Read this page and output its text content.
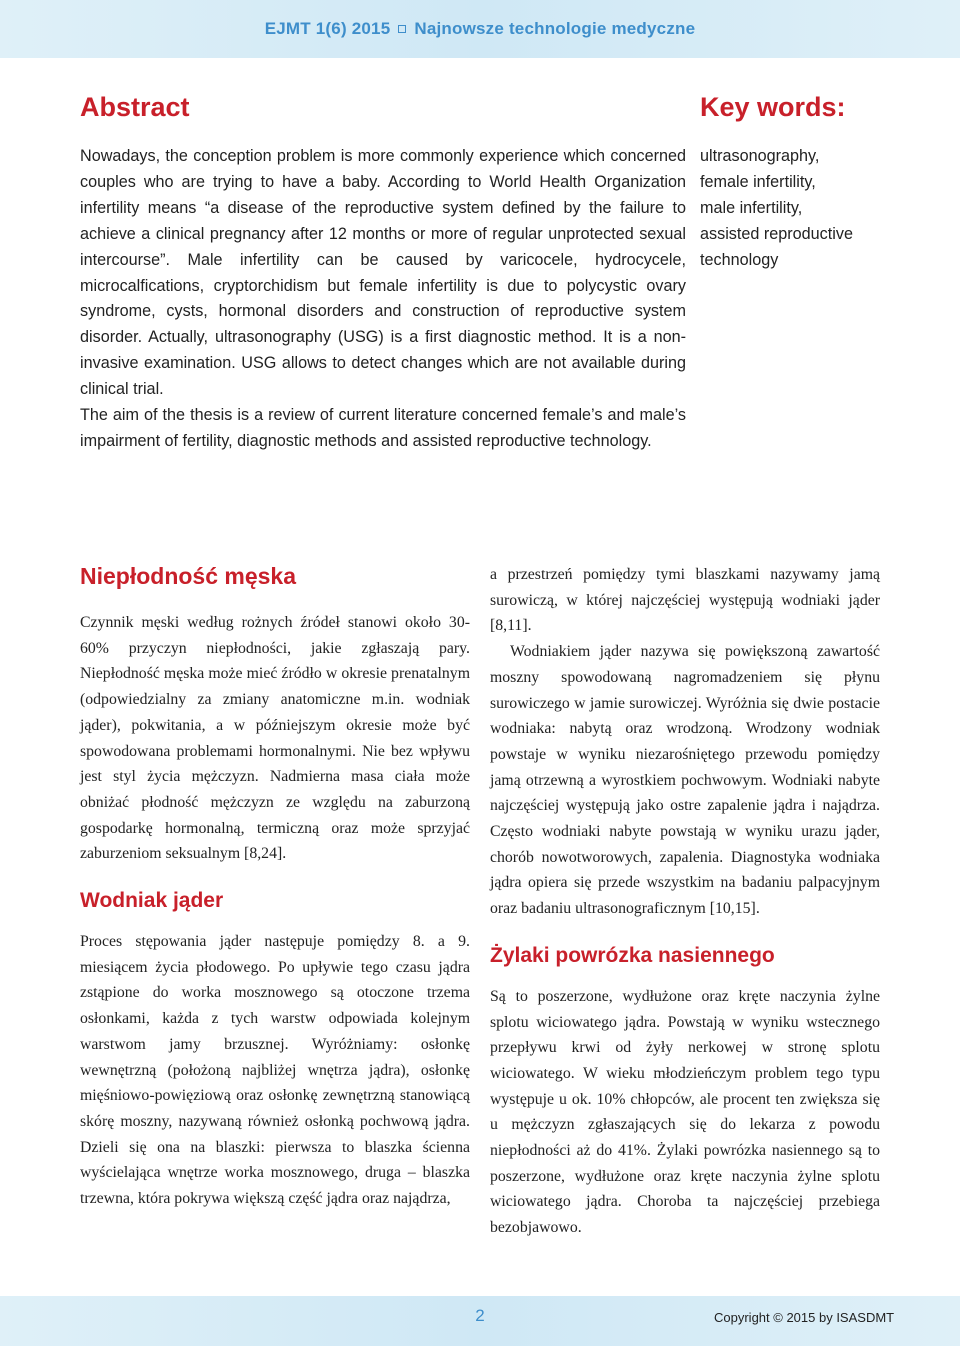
EJMT 1(6) 2015 Najnowsze technologie medyczne
Abstract

Nowadays, the conception problem is more commonly experience which concerned couples who are trying to have a baby. According to World Health Organization infertility means “a disease of the reproductive system defined by the failure to achieve a clinical pregnancy after 12 months or more of regular unprotected sexual intercourse”. Male infertility can be caused by varicocele, hydrocycele, microcalfications, cryptorchidism but female infertility is due to polycystic ovary syndrome, cysts, hormonal disorders and construction of reproductive system disorder. Actually, ultrasonography (USG) is a first diagnostic method. It is a non- invasive examination. USG allows to detect changes which are not available during clinical trial.

The aim of the thesis is a review of current literature concerned female’s and male’s impairment of fertility, diagnostic methods and assisted reproductive technology.

Key words:
ultrasonography,
female infertility,
male infertility,
assisted reproductive technology
Niepłodność męska

Czynnik męski według rożnych źródeł stanowi około 30-60% przyczyn niepłodności, jakie zgłaszają pary. Niepłodność męska może mieć źródło w okresie prenatalnym (odpowiedzialny za zmiany anatomiczne m.in. wodniak jąder), pokwitania, a w późniejszym okresie może być spowodowana problemami hormonalnymi. Nie bez wpływu jest styl życia mężczyzn. Nadmierna masa ciała może obniżać płodność mężczyzn ze względu na zaburzoną gospodarkę hormonalną, termiczną oraz może sprzyjać zaburzeniom seksualnym [8,24].

Wodniak jąder

Proces stępowania jąder następuje pomiędzy 8. a 9. miesiącem życia płodowego. Po upływie tego czasu jądra zstąpione do worka mosznowego są otoczone trzema osłonkami, każda z tych warstw odpowiada kolejnym warstwom jamy brzusznej. Wyróżniamy: osłonkę wewnętrzną (położoną najbliżej wnętrza jądra), osłonkę mięśniowo-powięziową oraz osłonkę zewnętrzną stanowiącą skórę moszny, nazywaną również osłonką pochwową jądra. Dzieli się ona na blaszki: pierwsza to blaszka ścienna wyścielająca wnętrze worka mosznowego, druga – blaszka trzewna, która pokrywa większą część jądra oraz najądrza,

a przestrzeń pomiędzy tymi blaszkami nazywamy jamą surowiczą, w której najczęściej występują wodniaki jąder [8,11].

Wodniakiem jąder nazywa się powiększoną zawartość moszny spowodowaną nagromadzeniem się płynu surowiczego w jamie surowiczej. Wyróżnia się dwie postacie wodniaka: nabytą oraz wrodzoną. Wrodzony wodniak powstaje w wyniku niezarośniętego przewodu pomiędzy jamą otrzewną a wyrostkiem pochwowym. Wodniaki nabyte najczęściej występują jako ostre zapalenie jądra i najądrza. Często wodniaki nabyte powstają w wyniku urazu jąder, chorób nowotworowych, zapalenia. Diagnostyka wodniaka jądra opiera się przede wszystkim na badaniu palpacyjnym oraz badaniu ultrasonograficznym [10,15].

Żylaki powrózka nasiennego

Są to poszerzone, wydłużone oraz kręte naczynia żylne splotu wiciowatego jądra. Powstają w wyniku wstecznego przepływu krwi od żyły nerkowej w stronę splotu wiciowatego. W wieku młodzieńczym problem tego typu występuje u ok. 10% chłopców, ale procent ten zwiększa się u mężczyzn zgłaszających się do lekarza z powodu niepłodności aż do 41%. Żylaki powrózka nasiennego są to poszerzone, wydłużone oraz kręte naczynia żylne splotu wiciowatego jądra. Choroba ta najczęściej przebiega bezobjawowo.

2	Copyright © 2015 by ISASDMT
